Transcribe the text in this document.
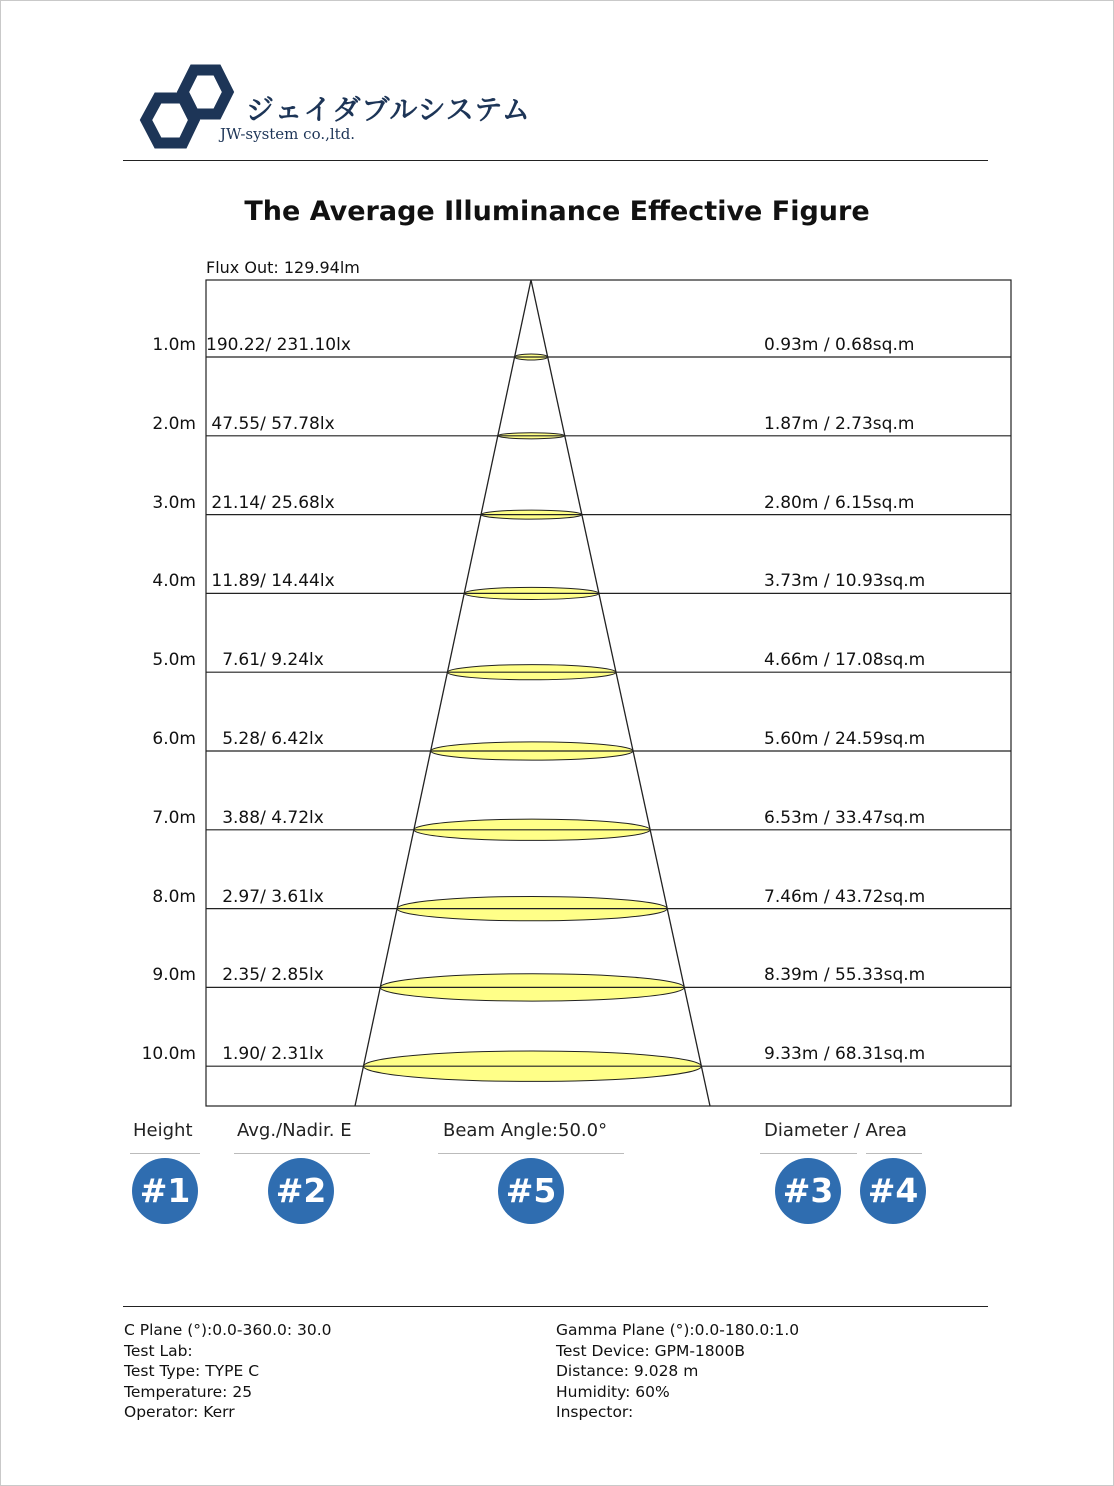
ジェイダブルシステム
JW-system co.,ltd.
The Average Illuminance Effective Figure
Flux Out: 129.94lm
1.0m 190.22/ 231.10lx	0.93m / 0.68sq.m
2.0m 47.55/ 57.78lx	1.87m / 2.73sq.m
3.0m 21.14/ 25.68lx	2.80m / 6.15sq.m
4.0m 11.89/ 14.44lx	3.73m / 10.93sq.m
5.0m 7.61/ 9.24lx	4.66m / 17.08sq.m
6.0m 5.28/ 6.42lx	5.60m / 24.59sq.m
7.0m 3.88/ 4.72lx	6.53m / 33.47sq.m
8.0m 2.97/ 3.61lx	7.46m / 43.72sq.m
9.0m 2.35/ 2.85lx	8.39m / 55.33sq.m
10.0m 1.90/ 2.31lx	9.33m / 68.31sq.m
Height Avg./Nadir. E	Beam Angle:50.0°	Diameter / Area
#1	#2	#5	#3 #4
C Plane (°):0.0-360.0: 30.0
Test Lab:
Test Type: TYPE C
Temperature: 25
Operator: Kerr
Gamma Plane (°):0.0-180.0:1.0
Test Device: GPM-1800B
Distance: 9.028 m
Humidity: 60%
Inspector:
